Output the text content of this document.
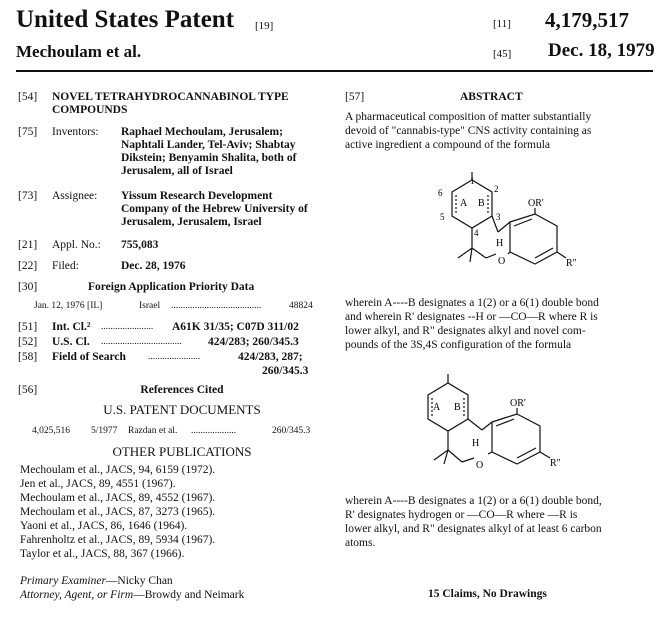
United States Patent [19]	[11] 4,179,517
Mechoulam et al.	[45] Dec. 18, 1979
[54] NOVEL TETRAHYDROCANNABINOL TYPE COMPOUNDS
[75] Inventors: Raphael Mechoulam, Jerusalem;
Naphtali Lander, Tel-Aviv; Shabtay
Dikstein; Benyamin Shalita, both of
Jerusalem, all of Israel
[73] Assignee: Yissum Research Development
Company of the Hebrew University of
Jerusalem, Jerusalem, Israel
[21] Appl. No.: 755,083
[22] Filed:	Dec. 28, 1976
[30]	Foreign Application Priority Data
Jan. 12, 1976 [IL]	Israel ......................................	48824
[51] Int. Cl.² ...................... A61K 31/35; C07D 311/02
[52] U.S. Cl. .................................. 424/283; 260/345.3
[58] Field of Search ......................	424/283, 287;
260/345.3
[56]	References Cited
U.S. PATENT DOCUMENTS
4,025,516 5/1977 Razdan et al. ...................	260/345.3
OTHER PUBLICATIONS
Mechoulam et al., JACS, 94, 6159 (1972).
Jen et al., JACS, 89, 4551 (1967).
Mechoulam et al., JACS, 89, 4552 (1967).
Mechoulam et al., JACS, 87, 3273 (1965).
Yaoni et al., JACS, 86, 1646 (1964).
Fahrenholtz et al., JACS, 89, 5934 (1967).
Taylor et al., JACS, 88, 367 (1966).
Primary Examiner—Nicky Chan
Attorney, Agent, or Firm—Browdy and Neimark
[57]	ABSTRACT
A pharmaceutical composition of matter substantially
devoid of "cannabis-type" CNS activity containing as
active ingredient a compound of the formula
6
1
2
3
4
5
A B
H
O
OR'
R"
wherein A----B designates a 1(2) or a 6(1) double bond
and wherein R' designates --H or —CO—R where R is
lower alkyl, and R" designates alkyl and novel com-
pounds of the 3S,4S configuration of the formula
A B
H
O
OR'
R"
wherein A----B designates a 1(2) or a 6(1) double bond,
R' designates hydrogen or —CO—R where —R is
lower alkyl, and R" designates alkyl of at least 6 carbon
atoms.
15 Claims, No Drawings
